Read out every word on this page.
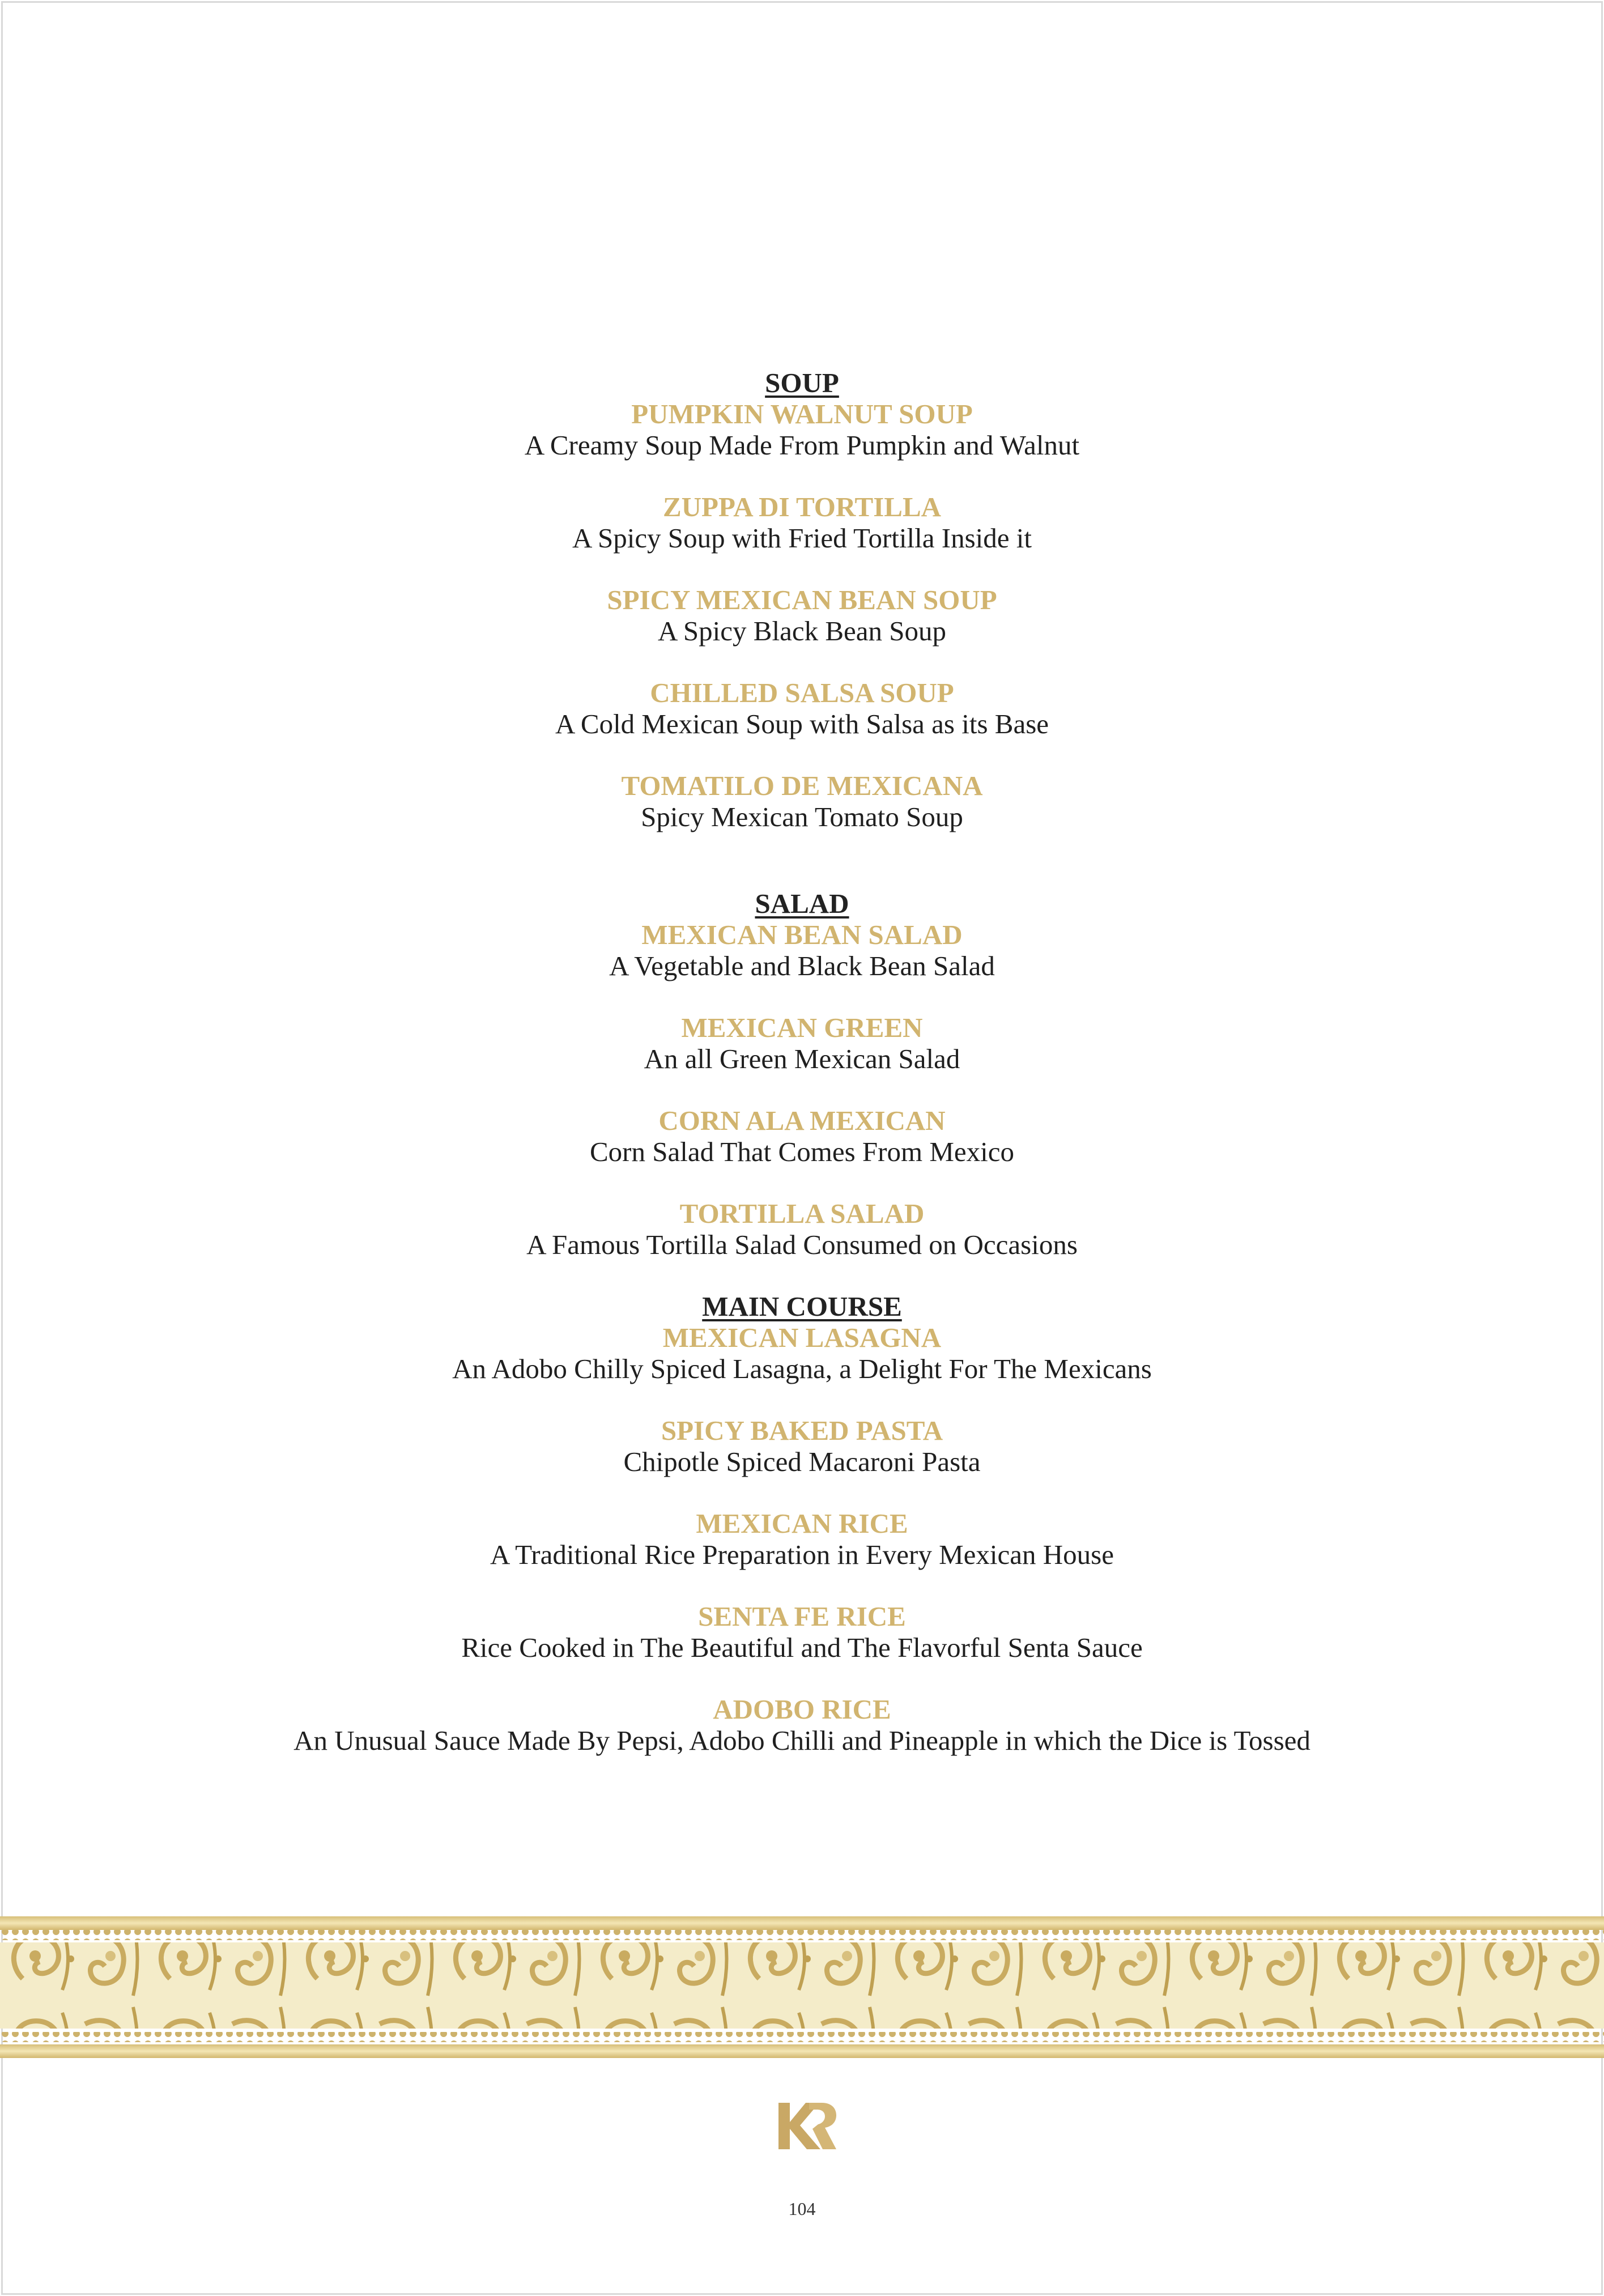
SOUP
PUMPKIN WALNUT SOUP
A Creamy Soup Made From Pumpkin and Walnut
ZUPPA DI TORTILLA
A Spicy Soup with Fried Tortilla Inside it
SPICY MEXICAN BEAN SOUP
A Spicy Black Bean Soup
CHILLED SALSA SOUP
A Cold Mexican Soup with Salsa as its Base
TOMATILO DE MEXICANA
Spicy Mexican Tomato Soup
SALAD
MEXICAN BEAN SALAD
A Vegetable and Black Bean Salad
MEXICAN GREEN
An all Green Mexican Salad
CORN ALA MEXICAN
Corn Salad That Comes From Mexico
TORTILLA SALAD
A Famous Tortilla Salad Consumed on Occasions
MAIN COURSE
MEXICAN LASAGNA
An Adobo Chilly Spiced Lasagna, a Delight For The Mexicans
SPICY BAKED PASTA
Chipotle Spiced Macaroni Pasta
MEXICAN RICE
A Traditional Rice Preparation in Every Mexican House
SENTA FE RICE
Rice Cooked in The Beautiful and The Flavorful Senta Sauce
ADOBO RICE
An Unusual Sauce Made By Pepsi, Adobo Chilli and Pineapple in which the Dice is Tossed
104
